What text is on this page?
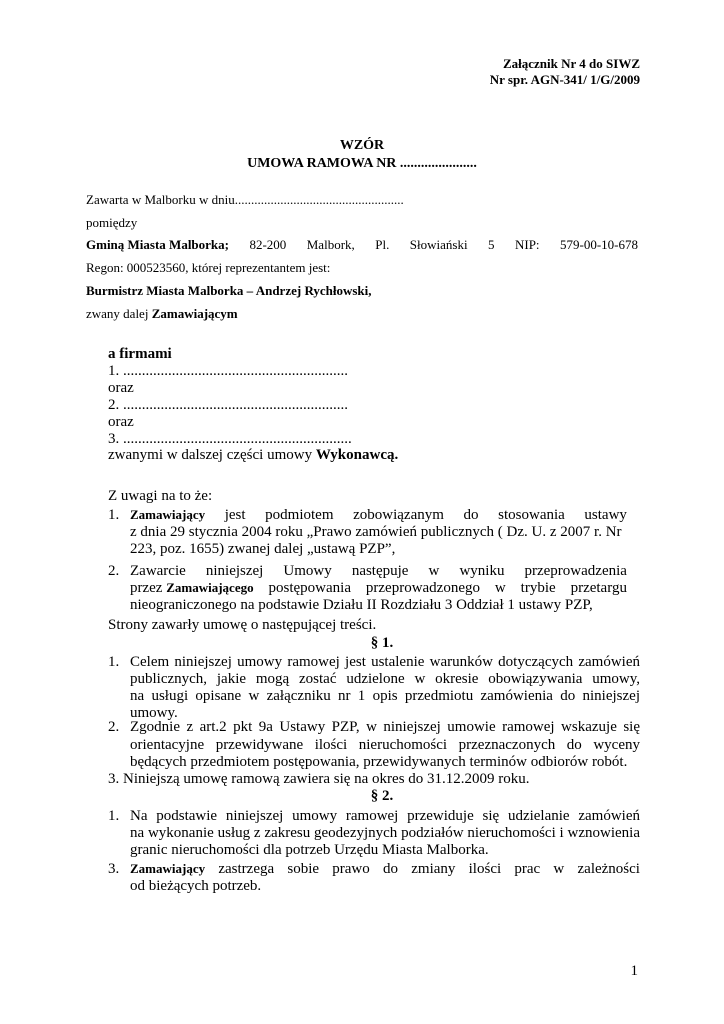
Załącznik Nr 4 do SIWZ
Nr spr. AGN-341/ 1/G/2009
WZÓR
UMOWA RAMOWA NR ......................
Zawarta w Malborku w dniu....................................................
pomiędzy
Gminą Miasta Malborka; 82-200 Malbork, Pl. Słowiański 5 NIP: 579-00-10-678
Regon: 000523560, której reprezentantem jest:
Burmistrz Miasta Malborka – Andrzej Rychłowski,
zwany dalej Zamawiającym
a firmami
1. ............................................................
oraz
2. ............................................................
oraz
3. .............................................................
zwanymi w dalszej części umowy Wykonawcą.
Z uwagi na to że:
1. Zamawiający jest podmiotem zobowiązanym do stosowania ustawy
z dnia 29 stycznia 2004 roku „Prawo zamówień publicznych ( Dz. U. z 2007 r. Nr
223, poz. 1655) zwanej dalej „ustawą PZP”,
2. Zawarcie niniejszej Umowy następuje w wyniku przeprowadzenia
przez Zamawiającego postępowania przeprowadzonego w trybie przetargu
nieograniczonego na podstawie Działu II Rozdziału 3 Oddział 1 ustawy PZP,
Strony zawarły umowę o następującej treści.
§ 1.
1. Celem niniejszej umowy ramowej jest ustalenie warunków dotyczących zamówień
publicznych, jakie mogą zostać udzielone w okresie obowiązywania umowy,
na usługi opisane w załączniku nr 1 opis przedmiotu zamówienia do niniejszej
umowy.
2. Zgodnie z art.2 pkt 9a Ustawy PZP, w niniejszej umowie ramowej wskazuje się
orientacyjne przewidywane ilości nieruchomości przeznaczonych do wyceny
będących przedmiotem postępowania, przewidywanych terminów odbiorów robót.
3. Niniejszą umowę ramową zawiera się na okres do 31.12.2009 roku.
§ 2.
1. Na podstawie niniejszej umowy ramowej przewiduje się udzielanie zamówień
na wykonanie usług z zakresu geodezyjnych podziałów nieruchomości i wznowienia
granic nieruchomości dla potrzeb Urzędu Miasta Malborka.
3. Zamawiający zastrzega sobie prawo do zmiany ilości prac w zależności
od bieżących potrzeb.
1
